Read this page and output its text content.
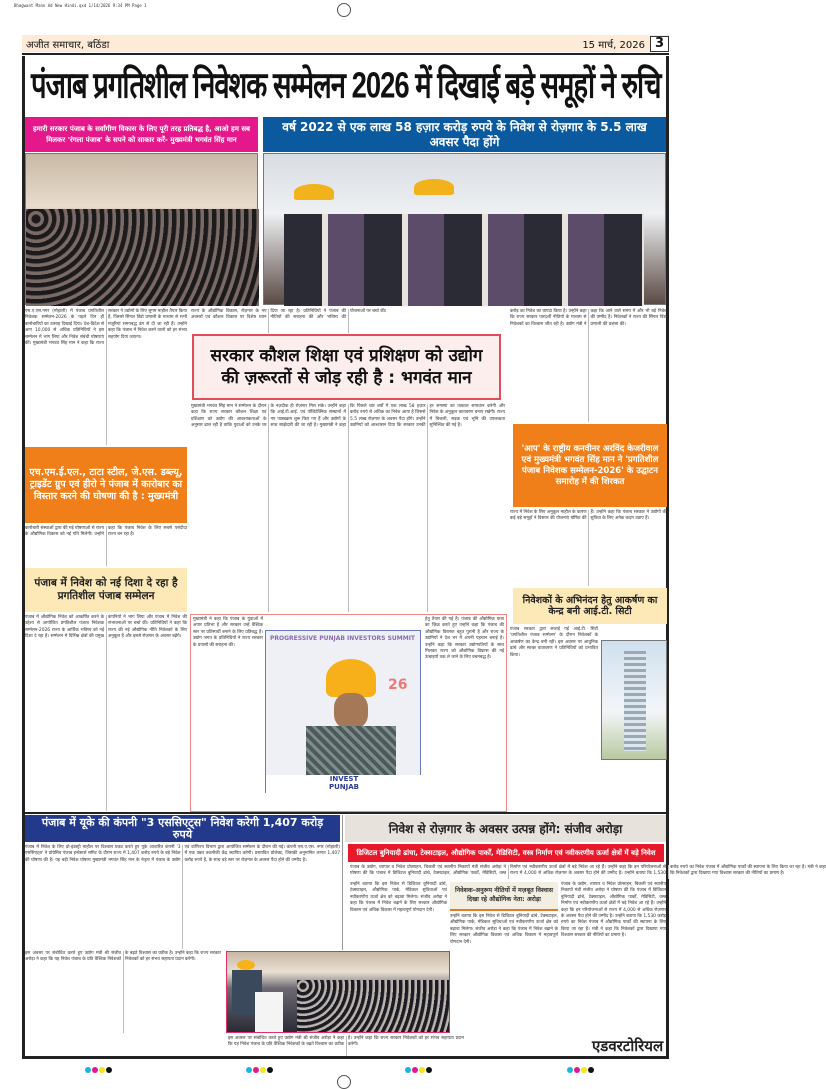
Bhagwant Mann Ad New Hindi.qxd 1/14/2026 9:34 PM Page 1
अजीत समाचार, बठिंडा	15 मार्च, 2026 3
पंजाब प्रगतिशील निवेशक सम्मेलन 2026 में दिखाई बड़े समूहों ने रुचि
हमारी सरकार पंजाब के सर्वांगीण विकास के लिए पूरी तरह प्रतिबद्ध है, आओ हम सब मिलकर 'रंगला पंजाब' के सपने को साकार करें- मुख्यमंत्री भगवंत सिंह मान
वर्ष 2022 से एक लाख 58 हज़ार करोड़ रुपये के निवेश से रोज़गार के 5.5 लाख अवसर पैदा होंगे
एस.ए.एस.नगर (मोहाली) में पंजाब प्रगतिशील निवेशक सम्मेलन-2026 के पहले दिन ही कारोबारियों का उत्साह दिखाई दिया। देश-विदेश से आए 10,000 से अधिक प्रतिनिधियों ने इस सम्मेलन में भाग लिया और निवेश संबंधी घोषणाएं कीं। मुख्यमंत्री भगवंत सिंह मान ने कहा कि राज्य सरकार ने उद्योगों के लिए सुगम माहौल तैयार किया है, जिससे सिंगल विंडो प्रणाली के माध्यम से सभी मंजूरियां समयबद्ध ढंग से दी जा रही हैं। उन्होंने कहा कि पंजाब में निवेश करने वालों को हर संभव सहयोग दिया जाएगा।
एच.एम.ई.एल., टाटा स्टील, जे.एस. डब्ल्यू, ट्राइडेंट ग्रुप एवं हीरो ने पंजाब में कारोबार का विस्तार करने की घोषणा की है : मुख्यमंत्री
कारोबारी संस्थाओं द्वारा की गई घोषणाओं से राज्य के औद्योगिक विकास को नई गति मिलेगी। उन्होंने कहा कि पंजाब निवेश के लिए सबसे पसंदीदा राज्य बन रहा है।
पंजाब में निवेश को नई दिशा दे रहा है प्रगतिशील पंजाब सम्मेलन
पंजाब में औद्योगिक निवेश को आकर्षित करने के उद्देश्य से आयोजित प्रगतिशील पंजाब निवेशक सम्मेलन-2026 राज्य के आर्थिक भविष्य को नई दिशा दे रहा है। सम्मेलन में विभिन्न क्षेत्रों की प्रमुख कंपनियों ने भाग लिया और पंजाब में निवेश की संभावनाओं पर चर्चा की। प्रतिनिधियों ने कहा कि राज्य की नई औद्योगिक नीति निवेशकों के लिए अनुकूल है और इससे रोज़गार के अवसर बढ़ेंगे।
राज्य के औद्योगिक विकास, रोज़गार के नए अवसरों एवं कौशल विकास पर विशेष ध्यान दिया जा रहा है। प्रतिनिधियों ने पंजाब की नीतियों की सराहना की और भविष्य की योजनाओं पर चर्चा की।
सरकार कौशल शिक्षा एवं प्रशिक्षण को उद्योग की ज़रूरतों से जोड़ रही है : भगवंत मान
मुख्यमंत्री भगवंत सिंह मान ने सम्मेलन के दौरान कहा कि राज्य सरकार कौशल शिक्षा एवं प्रशिक्षण को उद्योग की आवश्यकताओं के अनुसार ढाल रही है ताकि युवाओं को उनके घर के नज़दीक ही रोज़गार मिल सके। उन्होंने कहा कि आई.टी.आई. एवं पॉलिटेक्निक संस्थानों में नए पाठ्यक्रम शुरू किए गए हैं और उद्योगों के साथ साझेदारी की जा रही है। मुख्यमंत्री ने कहा कि पिछले चार वर्षों में एक लाख 58 हज़ार करोड़ रुपये से अधिक का निवेश आया है जिससे 5.5 लाख रोज़गार के अवसर पैदा होंगे। उन्होंने उद्यमियों को आश्वासन दिया कि सरकार उनकी हर समस्या का तत्काल समाधान करेगी और निवेश के अनुकूल वातावरण बनाए रखेगी। राज्य में बिजली, सड़क एवं भूमि की उपलब्धता सुनिश्चित की गई है।
मुख्यमंत्री ने कहा कि पंजाब के युवाओं में अपार प्रतिभा है और सरकार उन्हें वैश्विक स्तर पर प्रतिस्पर्धी बनाने के लिए प्रतिबद्ध है। उद्योग जगत के प्रतिनिधियों ने राज्य सरकार के प्रयासों की सराहना की।
PROGRESSIVE PUNJAB INVESTORS SUMMIT
26
INVEST
PUNJAB
हेतु तैयार की गई है। पंजाब की औद्योगिक यात्रा का ज़िक्र करते हुए उन्होंने कहा कि पंजाब की औद्योगिक विरासत बहुत पुरानी है और राज्य के उद्यमियों ने देश भर में अपनी पहचान बनाई है। उन्होंने कहा कि सरकार उद्योगपतियों के साथ मिलकर राज्य को औद्योगिक विकास की नई ऊंचाइयों तक ले जाने के लिए वचनबद्ध है।
करोड़ का निवेश का वायदा किया है। उन्होंने कहा कि राज्य सरकार पारदर्शी नीतियों के माध्यम से निवेशकों का विश्वास जीत रही है। उद्योग मंत्री ने कहा कि आने वाले समय में और भी बड़े निवेश की उम्मीद है। निवेशकों ने राज्य की सिंगल विंडो प्रणाली की प्रशंसा की।
'आप' के राष्ट्रीय कनवीनर अरविंद केजरीवाल एवं मुख्यमंत्री भगवंत सिंह मान ने 'प्रगतिशील पंजाब निवेशक सम्मेलन-2026' के उद्घाटन समारोह में की शिरकत
राज्य में निवेश के लिए अनुकूल माहौल के कारण कई बड़े समूहों ने विस्तार की योजनाएं घोषित की हैं। उन्होंने कहा कि पंजाब सरकार ने उद्योगों की सुविधा के लिए अनेक कदम उठाए हैं।
निवेशकों के अभिनंदन हेतु आकर्षण का केन्द्र बनी आई.टी. सिटी
पंजाब सरकार द्वारा सजाई गई आई.टी. सिटी 'प्रगतिशील पंजाब सम्मेलन' के दौरान निवेशकों के आकर्षण का केन्द्र बनी रही। इस अवसर पर आधुनिक ढांचे और स्वच्छ वातावरण ने प्रतिनिधियों को प्रभावित किया।
पंजाब में यूके की कंपनी "3 एससिएट्स" निवेश करेगी 1,407 करोड़ रुपये	निवेश से रोज़गार के अवसर उत्पन्न होंगे: संजीव अरोड़ा
डिजिटल बुनियादी ढांचा, टेक्सटाइल, औद्योगिक पार्कों, मेडिसिटी, वस्त्र निर्माण एवं नवीकरणीय ऊर्जा क्षेत्रों में बड़े निवेश
पंजाब में निवेश के लिए प्रो-इंडस्ट्री माहौल पर विश्वास प्रकट करते हुए यूके आधारित कंपनी '3 एससिएट्स' ने प्रोग्रेसिव पंजाब इन्वेस्टर्स समिट के दौरान राज्य में 1,407 करोड़ रुपये के बड़े निवेश की घोषणा की है। यह बड़ी निवेश घोषणा मुख्यमंत्री भगवंत सिंह मान के नेतृत्व में पंजाब के उद्योग एवं वाणिज्य विभाग द्वारा आयोजित सम्मेलन के दौरान की गई। कंपनी एस.ए.एस. नगर (मोहाली) में एक उन्नत तकनीकी केंद्र स्थापित करेगी। प्रस्तावित प्रोजेक्ट, जिसकी अनुमानित लागत 1,407 करोड़ रुपये है, के साथ बड़े स्तर पर रोज़गार के अवसर पैदा होने की उम्मीद है।
इस अवसर पर संबोधित करते हुए उद्योग मंत्री श्री संजीव अरोड़ा ने कहा कि यह निवेश पंजाब के प्रति वैश्विक निवेशकों के बढ़ते विश्वास का प्रतीक है। उन्होंने कहा कि राज्य सरकार निवेशकों को हर संभव सहायता प्रदान करेगी।
पंजाब के उद्योग, व्यापार व निवेश प्रोत्साहन, बिजली एवं स्थानीय निकायों मंत्री संजीव अरोड़ा ने घोषणा की कि पंजाब में डिजिटल बुनियादी ढांचे, टेक्सटाइल, औद्योगिक पार्कों, मेडिसिटी, वस्त्र निर्माण एवं नवीकरणीय ऊर्जा क्षेत्रों में बड़े निवेश आ रहे हैं। उन्होंने कहा कि इन परियोजनाओं से राज्य में 4,000 से अधिक रोज़गार के अवसर पैदा होने की उम्मीद है। उन्होंने बताया कि 1,530 करोड़ रुपये का निवेश पंजाब में औद्योगिक पार्कों की स्थापना के लिए किया जा रहा है। मंत्री ने कहा कि निवेशकों द्वारा दिखाया गया विश्वास सरकार की नीतियों का प्रमाण है।
निवेशक-अनुरूप नीतियों में मज़बूत विश्वास दिखा रहे औद्योगिक नेता: अरोड़ा
उन्होंने बताया कि इस निवेश से डिजिटल बुनियादी ढांचे, टेक्सटाइल, औद्योगिक पार्क, मेडिकल सुविधाओं एवं नवीकरणीय ऊर्जा क्षेत्र को बढ़ावा मिलेगा। संजीव अरोड़ा ने कहा कि पंजाब में निवेश बढ़ाने के लिए सरकार औद्योगिक विकास एवं अधिक विकास में महत्वपूर्ण योगदान देगी।
पंजाब के उद्योग, व्यापार व निवेश प्रोत्साहन, बिजली एवं स्थानीय निकायों मंत्री संजीव अरोड़ा ने घोषणा की कि पंजाब में डिजिटल बुनियादी ढांचे, टेक्सटाइल, औद्योगिक पार्कों, मेडिसिटी, वस्त्र निर्माण एवं नवीकरणीय ऊर्जा क्षेत्रों में बड़े निवेश आ रहे हैं। उन्होंने कहा कि इन परियोजनाओं से राज्य में 4,000 से अधिक रोज़गार के अवसर पैदा होने की उम्मीद है। उन्होंने बताया कि 1,530 करोड़ रुपये का निवेश पंजाब में औद्योगिक पार्कों की स्थापना के लिए किया जा रहा है। मंत्री ने कहा कि निवेशकों द्वारा दिखाया गया विश्वास सरकार की नीतियों का प्रमाण है।
उन्होंने बताया कि इस निवेश से डिजिटल बुनियादी ढांचे, टेक्सटाइल, औद्योगिक पार्क, मेडिकल सुविधाओं एवं नवीकरणीय ऊर्जा क्षेत्र को बढ़ावा मिलेगा। संजीव अरोड़ा ने कहा कि पंजाब में निवेश बढ़ाने के लिए सरकार औद्योगिक विकास एवं अधिक विकास में महत्वपूर्ण योगदान देगी।
इस अवसर पर संबोधित करते हुए उद्योग मंत्री श्री संजीव अरोड़ा ने कहा कि यह निवेश पंजाब के प्रति वैश्विक निवेशकों के बढ़ते विश्वास का प्रतीक है। उन्होंने कहा कि राज्य सरकार निवेशकों को हर संभव सहायता प्रदान करेगी।	एडवरटोरियल
